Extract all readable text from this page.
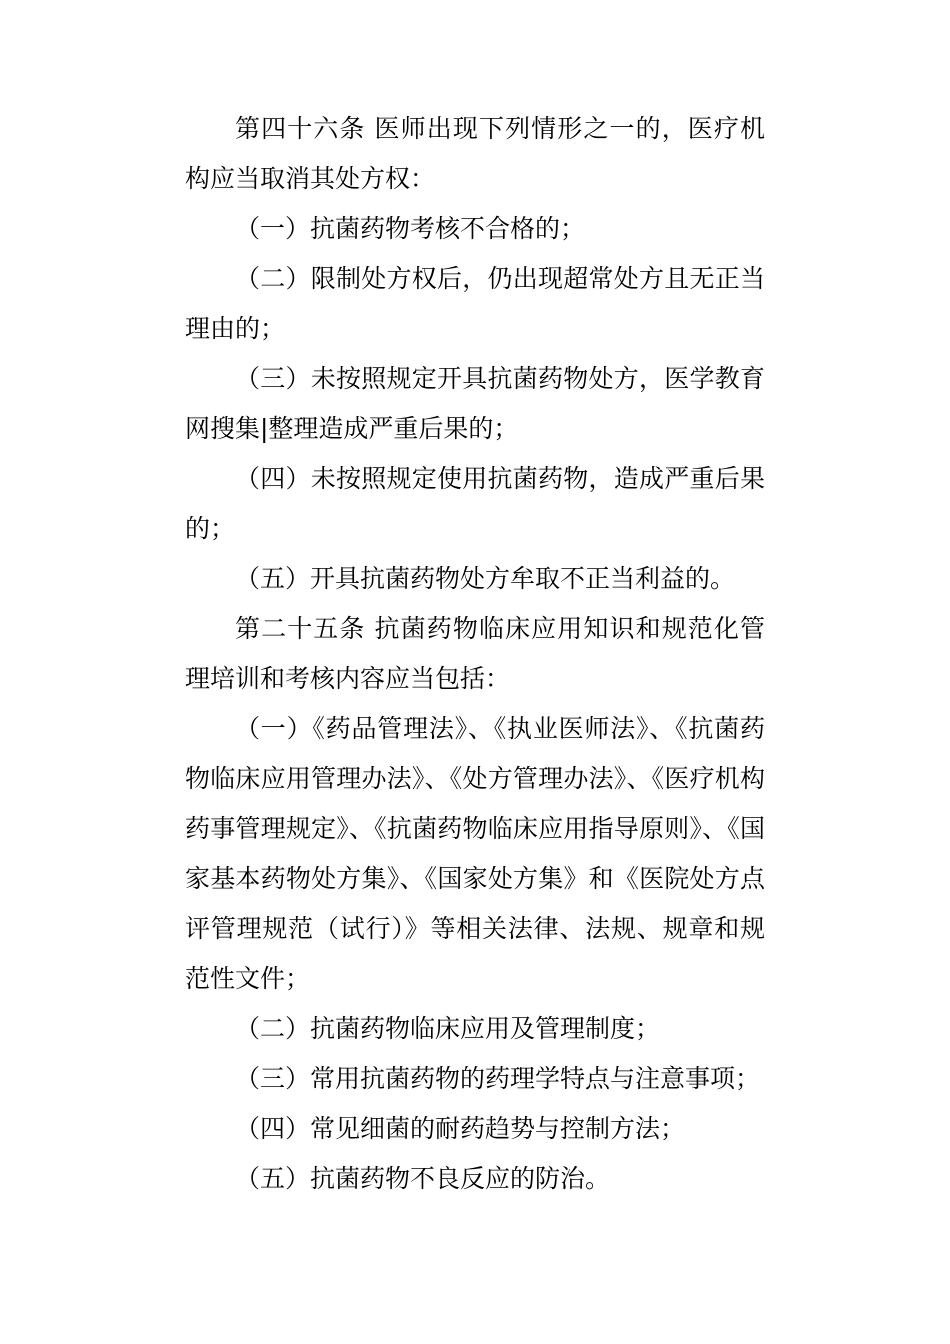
第四十六条 医师出现下列情形之一的，医疗机构应当取消其处方权：

（一）抗菌药物考核不合格的；

（二）限制处方权后，仍出现超常处方且无正当理由的；

（三）未按照规定开具抗菌药物处方，医学教育网搜集|整理造成严重后果的；

（四）未按照规定使用抗菌药物，造成严重后果的；

（五）开具抗菌药物处方牟取不正当利益的。

第二十五条 抗菌药物临床应用知识和规范化管理培训和考核内容应当包括：

（一）《药品管理法》、《执业医师法》、《抗菌药物临床应用管理办法》、《处方管理办法》、《医疗机构药事管理规定》、《抗菌药物临床应用指导原则》、《国家基本药物处方集》、《国家处方集》和《医院处方点评管理规范（试行）》等相关法律、法规、规章和规范性文件；

（二）抗菌药物临床应用及管理制度；

（三）常用抗菌药物的药理学特点与注意事项；

（四）常见细菌的耐药趋势与控制方法；

（五）抗菌药物不良反应的防治。
